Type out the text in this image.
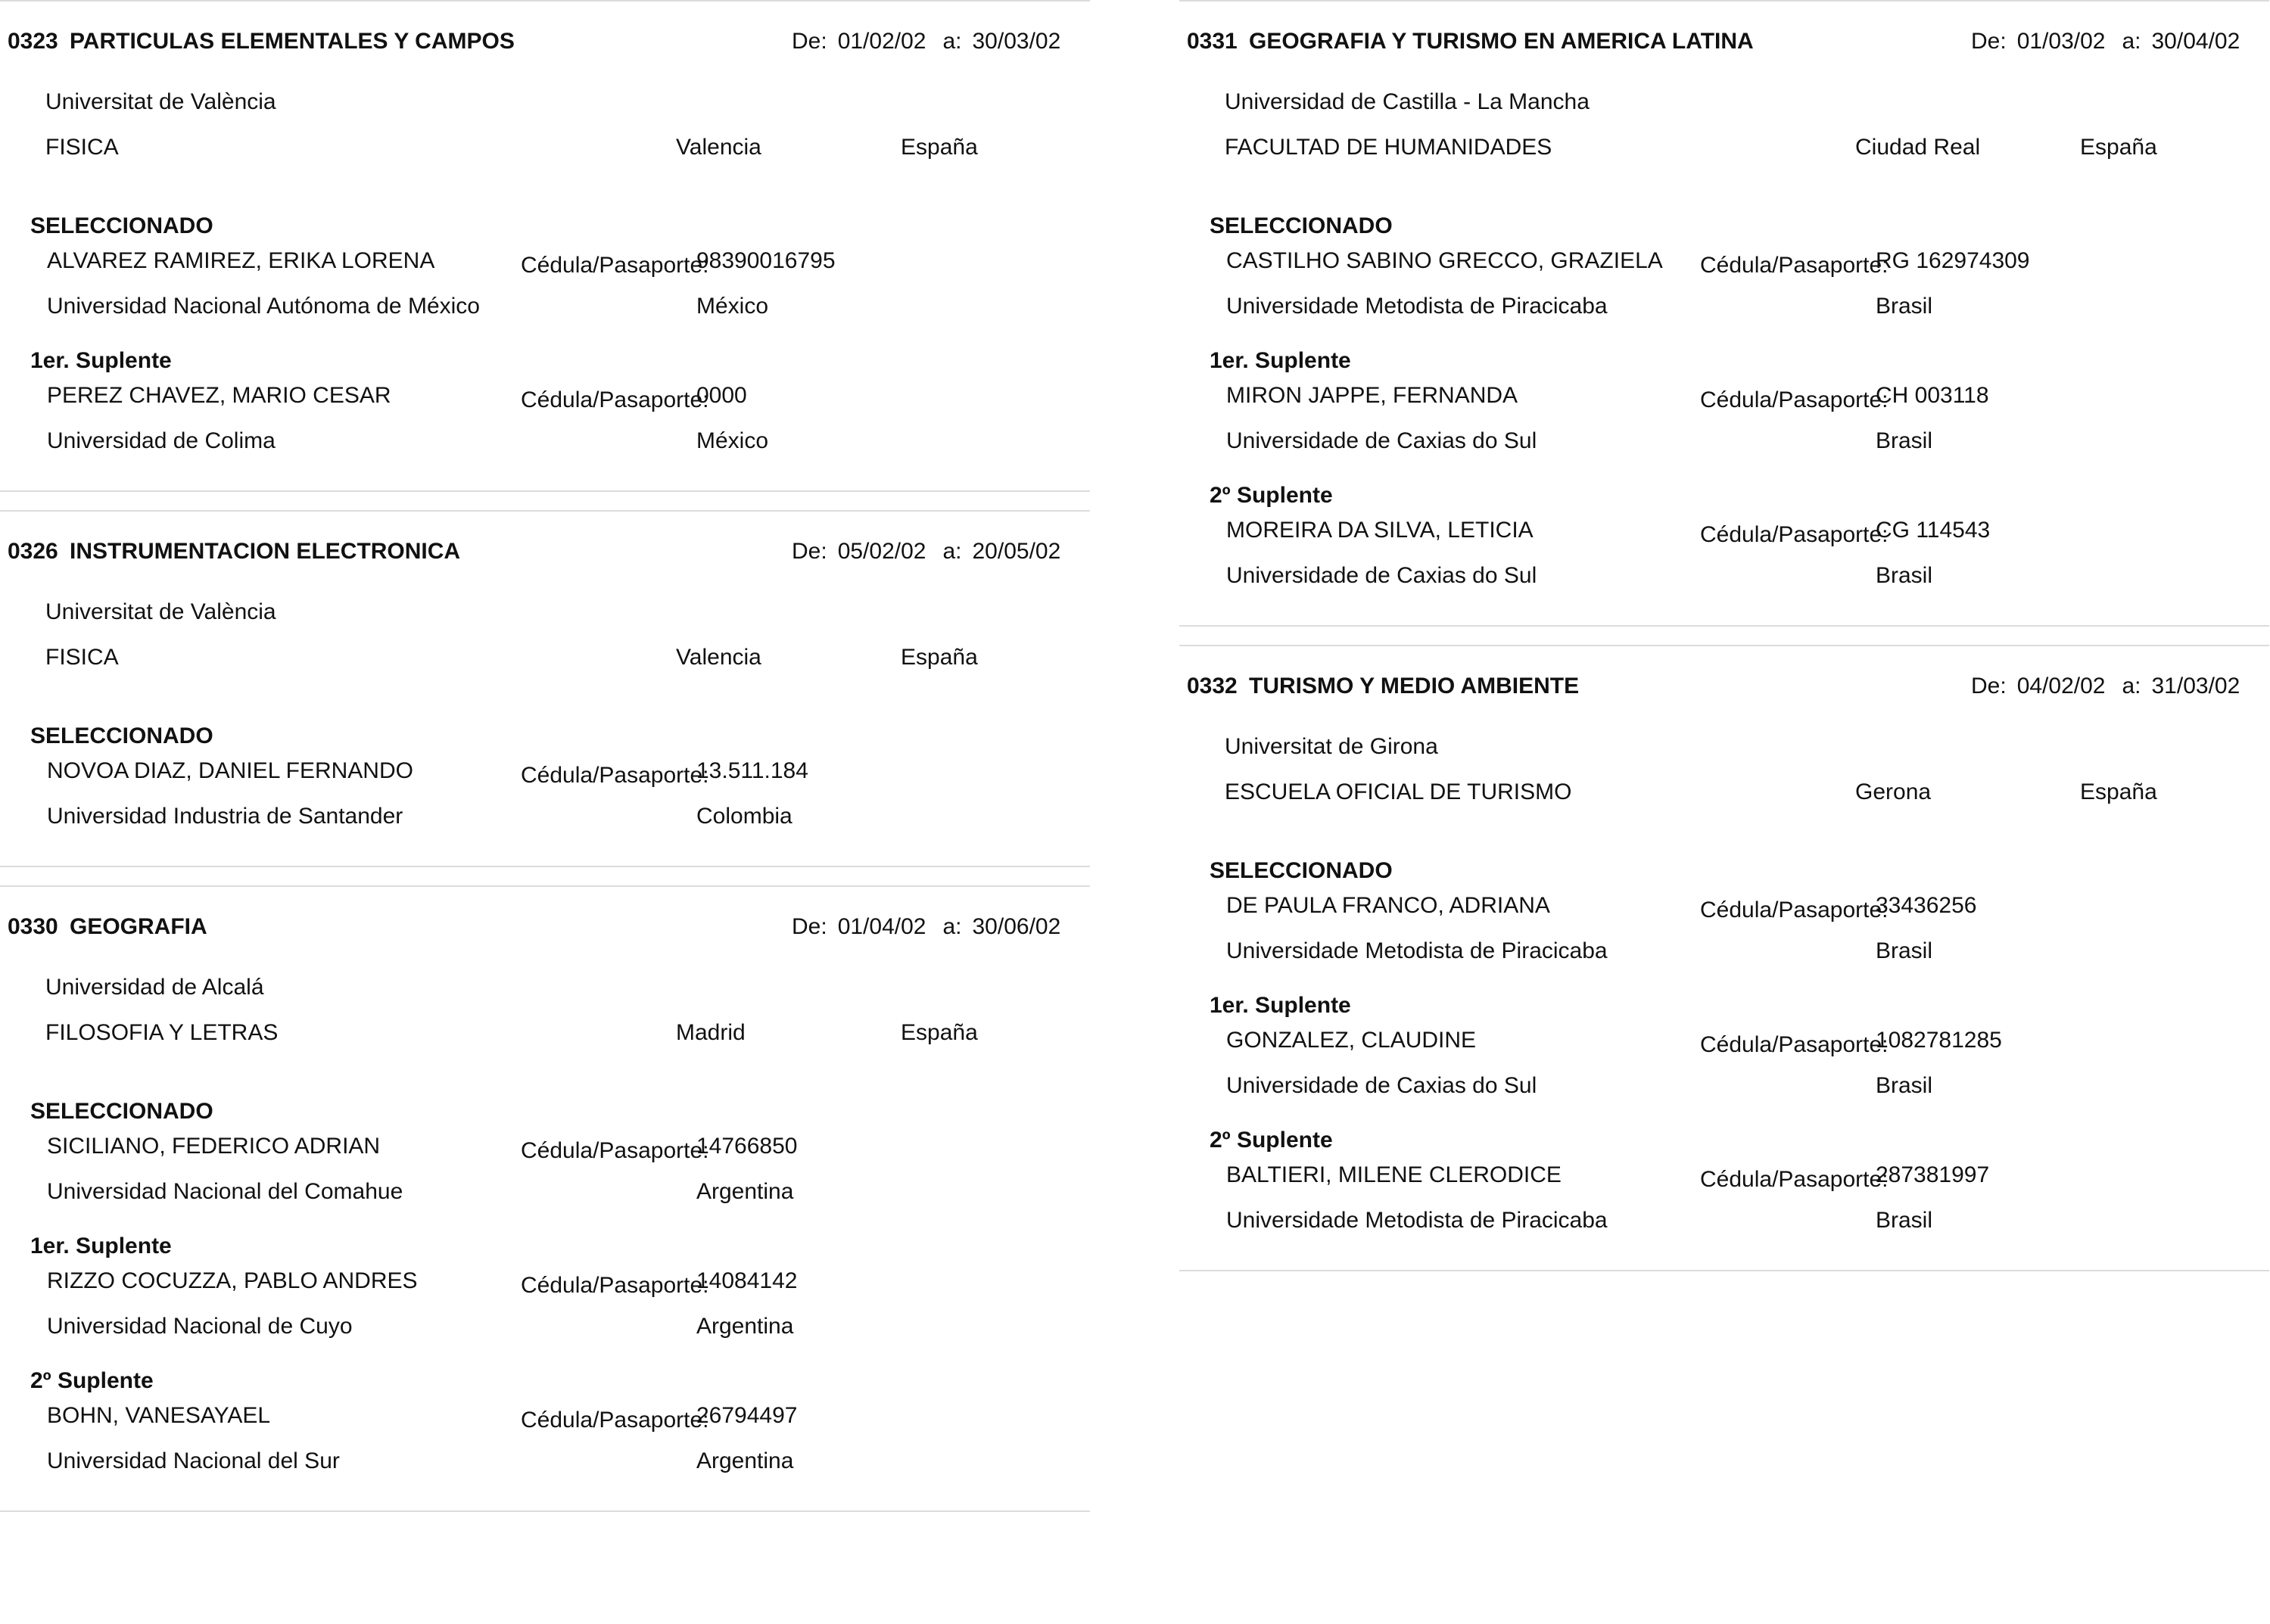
0323 PARTICULAS ELEMENTALES Y CAMPOS	De: 01/02/02 a: 30/03/02
Universitat de València
FISICA	Valencia	España
SELECCIONADO
ALVAREZ RAMIREZ, ERIKA LORENA	Cédula/Pasaporte:
98390016795
Universidad Nacional Autónoma de México	México
1er. Suplente
PEREZ CHAVEZ, MARIO CESAR	Cédula/Pasaporte:
0000
Universidad de Colima	México
0326 INSTRUMENTACION ELECTRONICA	De: 05/02/02 a: 20/05/02
Universitat de València
FISICA	Valencia	España
SELECCIONADO
NOVOA DIAZ, DANIEL FERNANDO	Cédula/Pasaporte:
13.511.184
Universidad Industria de Santander	Colombia
0330 GEOGRAFIA	De: 01/04/02 a: 30/06/02
Universidad de Alcalá
FILOSOFIA Y LETRAS	Madrid	España
SELECCIONADO
SICILIANO, FEDERICO ADRIAN	Cédula/Pasaporte:
14766850
Universidad Nacional del Comahue	Argentina
1er. Suplente
RIZZO COCUZZA, PABLO ANDRES	Cédula/Pasaporte:
14084142
Universidad Nacional de Cuyo	Argentina
2º Suplente
BOHN, VANESAYAEL	Cédula/Pasaporte:
26794497
Universidad Nacional del Sur	Argentina
0331 GEOGRAFIA Y TURISMO EN AMERICA LATINA	De: 01/03/02 a: 30/04/02
Universidad de Castilla - La Mancha
FACULTAD DE HUMANIDADES	Ciudad Real	España
SELECCIONADO
CASTILHO SABINO GRECCO, GRAZIELA Cédula/Pasaporte:
RG 162974309
Universidade Metodista de Piracicaba	Brasil
1er. Suplente
MIRON JAPPE, FERNANDA	Cédula/Pasaporte:
CH 003118
Universidade de Caxias do Sul	Brasil
2º Suplente
MOREIRA DA SILVA, LETICIA	Cédula/Pasaporte:
CG 114543
Universidade de Caxias do Sul	Brasil
0332 TURISMO Y MEDIO AMBIENTE	De: 04/02/02 a: 31/03/02
Universitat de Girona
ESCUELA OFICIAL DE TURISMO	Gerona	España
SELECCIONADO
DE PAULA FRANCO, ADRIANA	Cédula/Pasaporte:
33436256
Universidade Metodista de Piracicaba	Brasil
1er. Suplente
GONZALEZ, CLAUDINE	Cédula/Pasaporte:
1082781285
Universidade de Caxias do Sul	Brasil
2º Suplente
BALTIERI, MILENE CLERODICE	Cédula/Pasaporte:
287381997
Universidade Metodista de Piracicaba	Brasil
